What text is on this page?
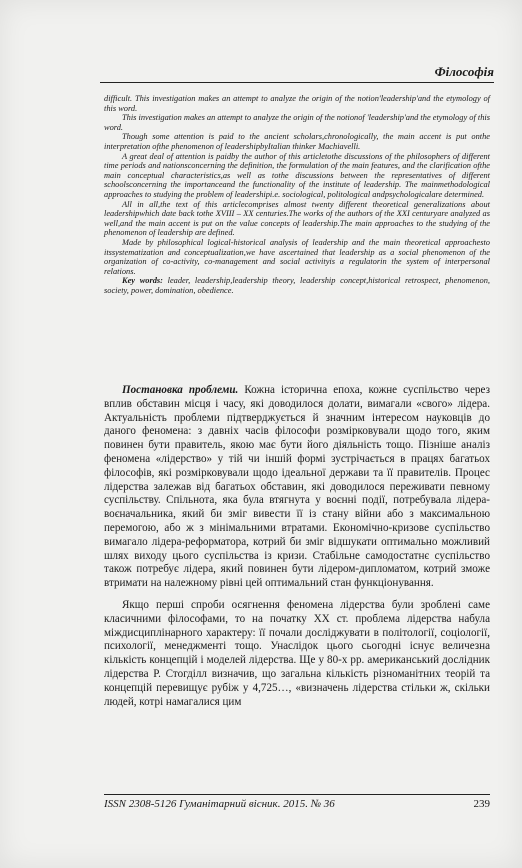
Філософія

difficult. This investigation makes an attempt to analyze the origin of the notion'leadership'and the etymology of this word.

This investigation makes an attempt to analyze the origin of the notionof 'leadership'and the etymology of this word.

Though some attention is paid to the ancient scholars,chronologically, the main accent is put onthe interpretation ofthe phenomenon of leadershipbyItalian thinker Machiavelli.

A great deal of attention is paidby the author of this articletothe discussions of the philosophers of different time periods and nationsconcerning the definition, the formulation of the main features, and the clarification ofthe main conceptual characteristics,as well as tothe discussions between the representatives of different schoolsconcerning the importanceand the functionality of the institute of leadership. The mainmethodological approaches to studying the problem of leadershipi.e. sociological, politological andpsychologicalare determined.

All in all,the text of this articlecomprises almost twenty different theoretical generalizations about leadershipwhich date back tothe XVIII – XX centuries.The works of the authors of the XXI centuryare analyzed as well,and the main accent is put on the value concepts of leadership.The main approaches to the studying of the phenomenon of leadership are defined.

Made by philosophical logical-historical analysis of leadership and the main theoretical approachesto itssystematization and conceptualization,we have ascertained that leadership as a social phenomenon of the organization of co-activity, co-management and social activityis a regulatorin the system of interpersonal relations.

Key words: leader, leadership,leadership theory, leadership concept,historical retrospect, phenomenon, society, power, domination, obedience.

Постановка проблеми. Кожна історична епоха, кожне суспільство через вплив обставин місця і часу, які доводилося долати, вимагали «свого» лідера. Актуальність проблеми підтверджується й значним інтересом науковців до даного феномена: з давніх часів філософи розмірковували щодо того, яким повинен бути правитель, якою має бути його діяльність тощо. Пізніше аналіз феномена «лідерство» у тій чи іншій формі зустрічається в працях багатьох філософів, які розмірковували щодо ідеальної держави та її правителів. Процес лідерства залежав від багатьох обставин, які доводилося переживати певному суспільству. Спільнота, яка була втягнута у воєнні події, потребувала лідера-воєначальника, який би зміг вивести її із стану війни або з максимальною перемогою, або ж з мінімальними втратами. Економічно-кризове суспільство вимагало лідера-реформатора, котрий би зміг відшукати оптимально можливий шлях виходу цього суспільства із кризи. Стабільне самодостатнє суспільство також потребує лідера, який повинен бути лідером-дипломатом, котрий зможе втримати на належному рівні цей оптимальний стан функціонування.

Якщо перші спроби осягнення феномена лідерства були зроблені саме класичними філософами, то на початку XX ст. проблема лідерства набула міждисциплінарного характеру: її почали досліджувати в політології, соціології, психології, менеджменті тощо. Унаслідок цього сьогодні існує величезна кількість концепцій і моделей лідерства. Ще у 80-х рр. американський дослідник лідерства Р. Стогділл визначив, що загальна кількість різноманітних теорій та концепцій перевищує рубіж у 4,725…, «визначень лідерства стільки ж, скільки людей, котрі намагалися цим

ISSN 2308-5126 Гуманітарний вісник. 2015. № 36	239
